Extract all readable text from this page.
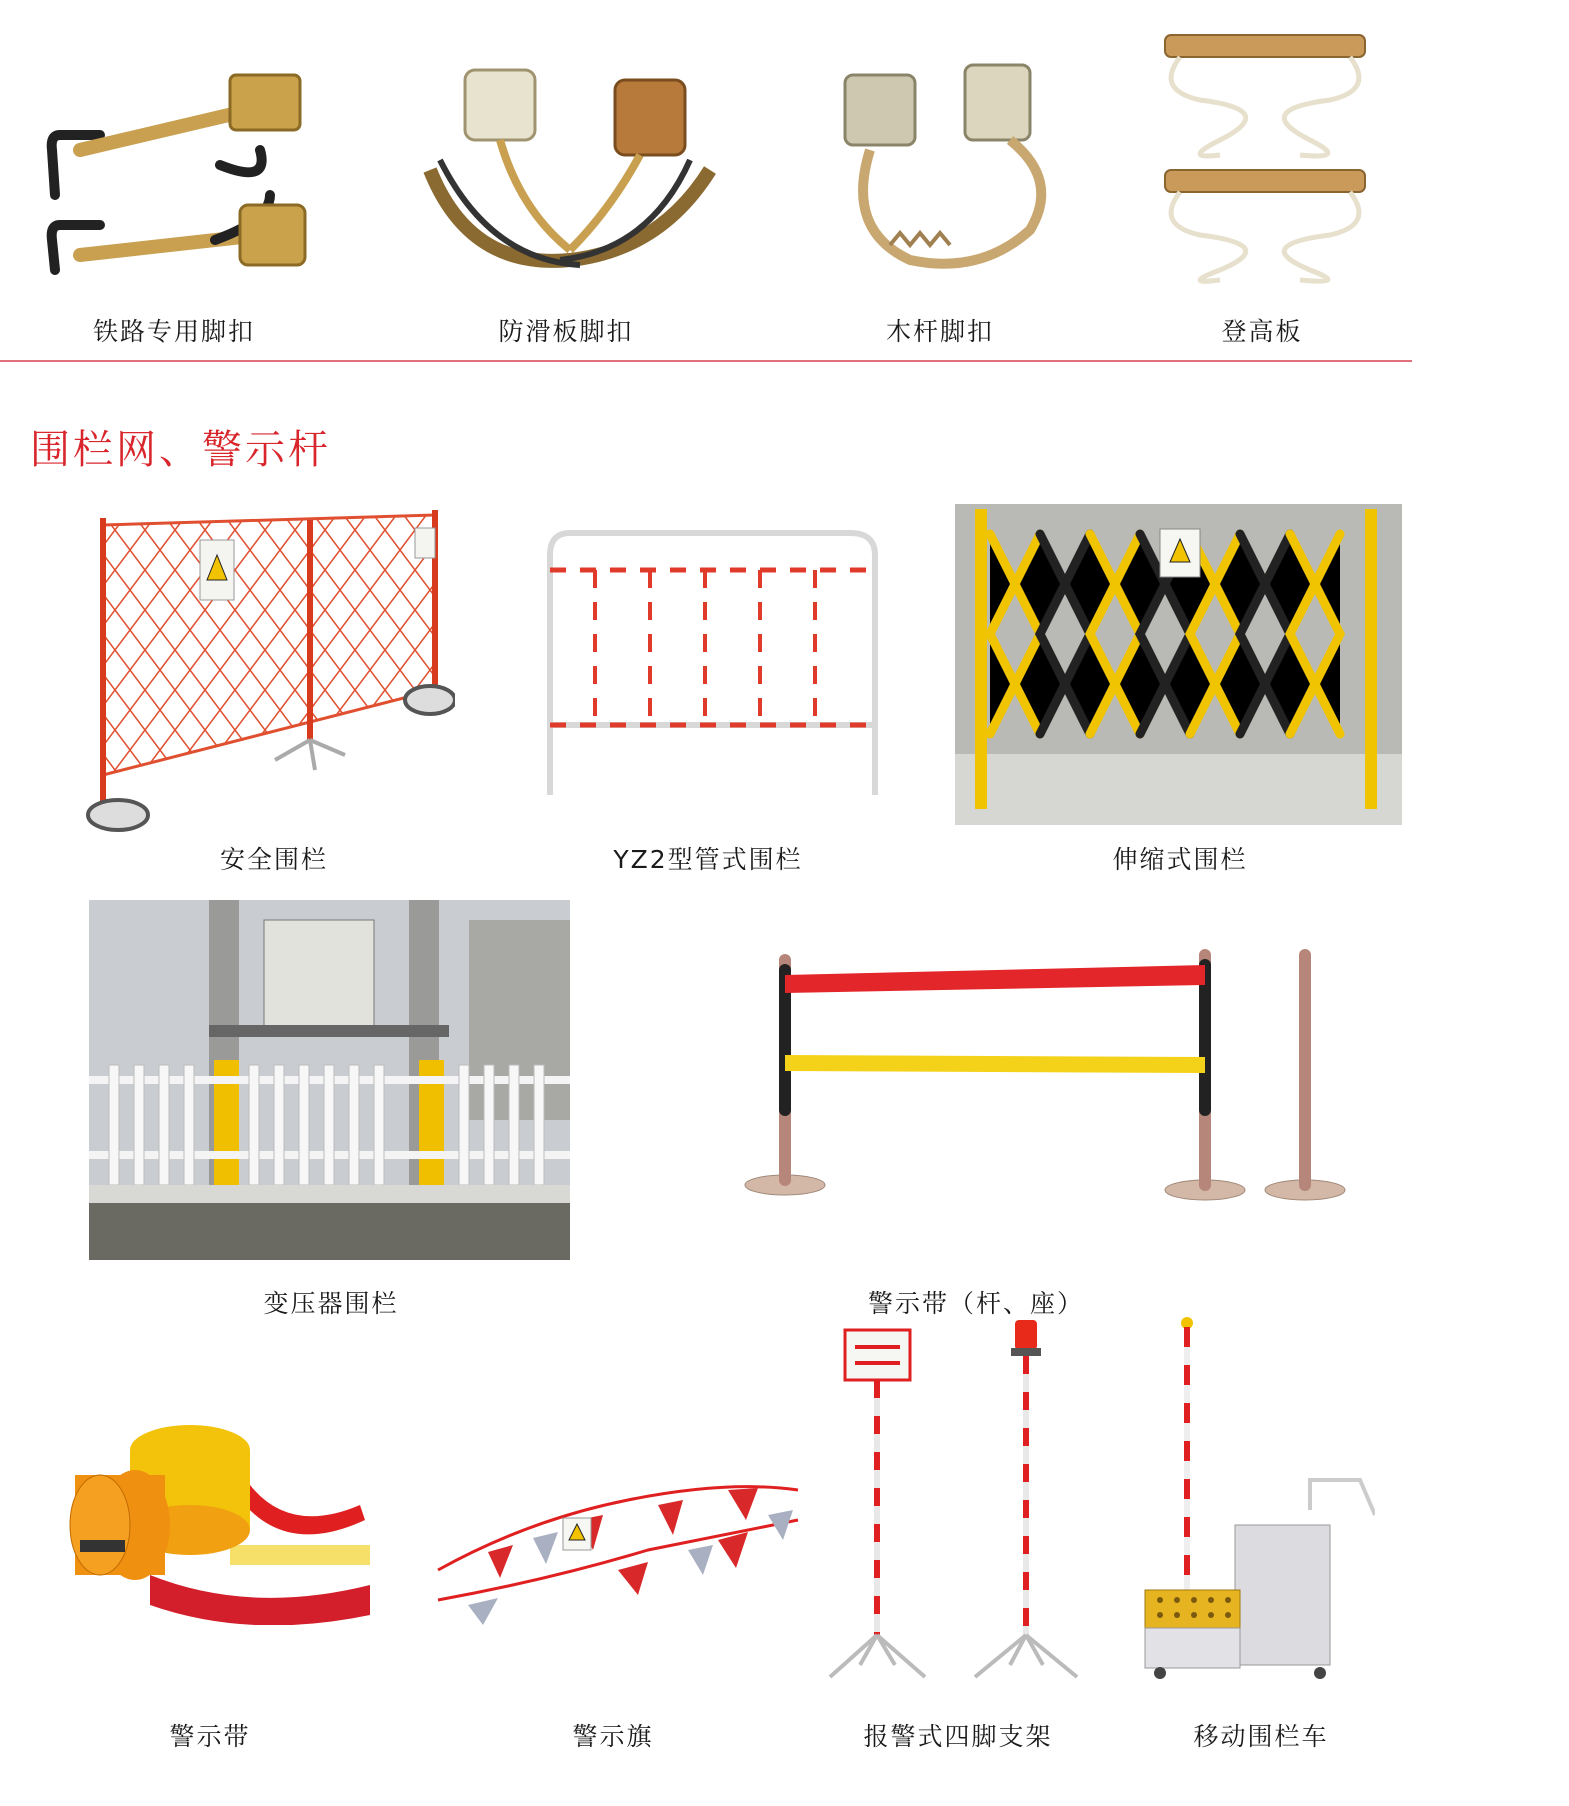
铁路专用脚扣	防滑板脚扣	木杆脚扣	登高板
围栏网、警示杆
安全围栏	YZ2型管式围栏	伸缩式围栏
变压器围栏	警示带（杆、座）
警示带	警示旗	报警式四脚支架	移动围栏车
